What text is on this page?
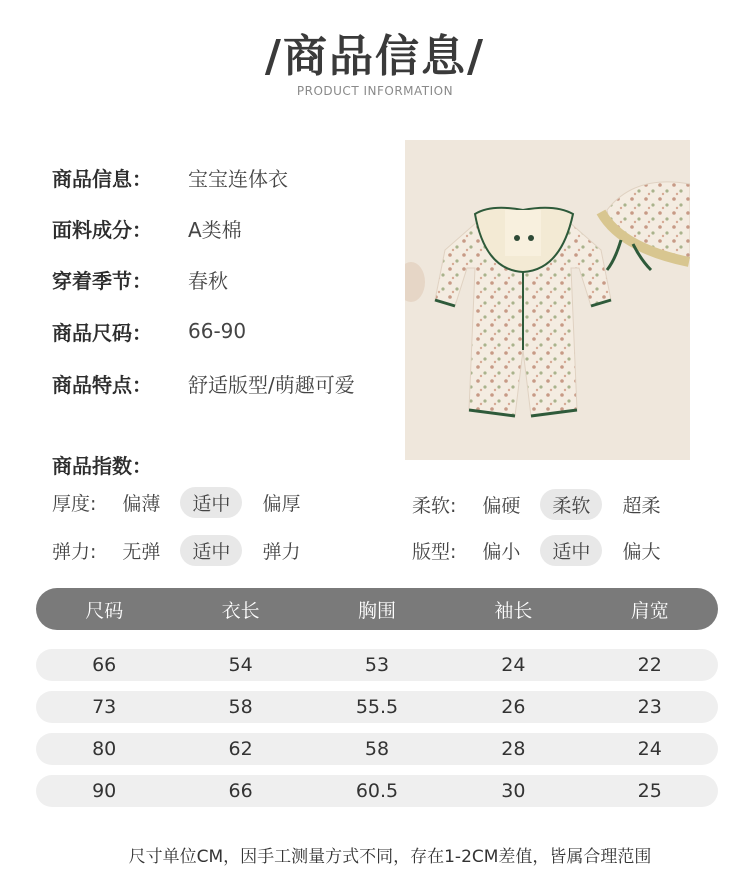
/商品信息/
PRODUCT INFORMATION
商品信息：	宝宝连体衣
面料成分：	A类棉
穿着季节：	春秋
商品尺码：	66-90
商品特点：	舒适版型/萌趣可爱
商品指数：
厚度:	偏薄	适中	偏厚	柔软:	偏硬	柔软	超柔
弹力:	无弹	适中	弹力	版型:	偏小	适中	偏大
尺码	衣长	胸围	袖长	肩宽
66	54	53	24	22
73	58	55.5	26	23
80	62	58	28	24
90	66	60.5	30	25
尺寸单位CM，因手工测量方式不同，存在1-2CM差值，皆属合理范围
